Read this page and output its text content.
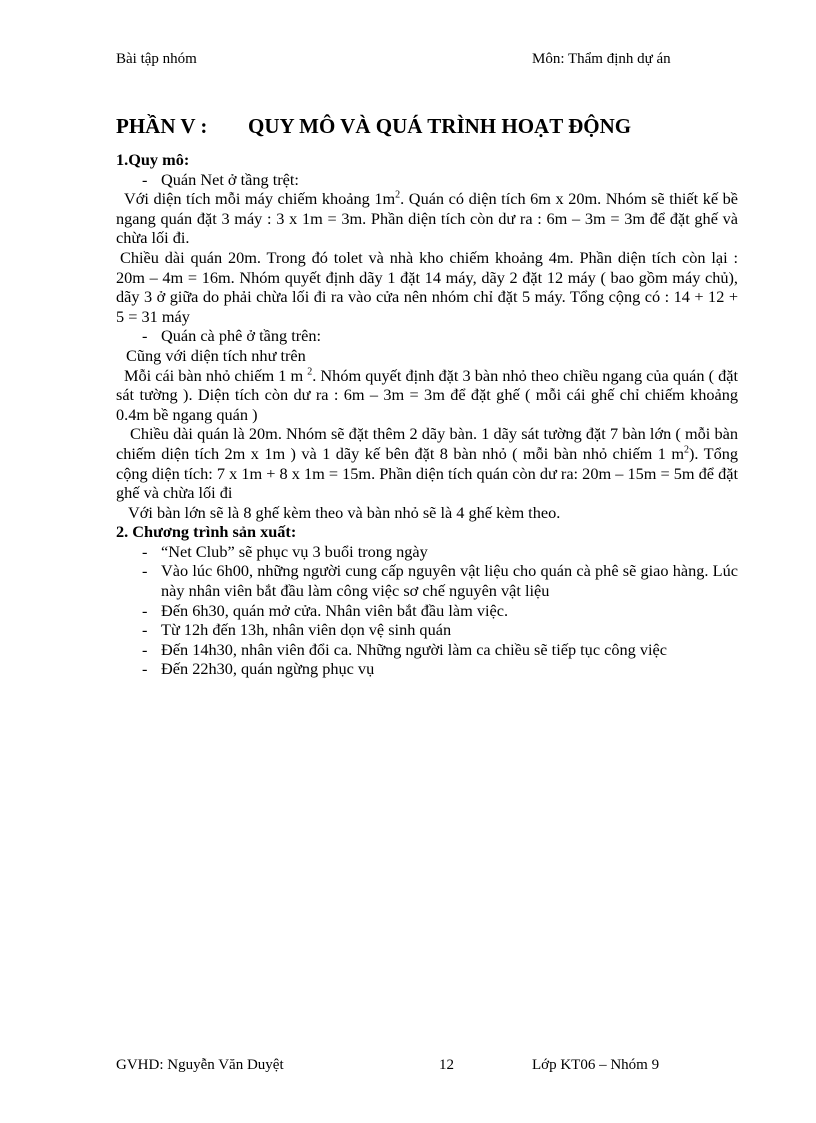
Bài tập nhóm	Môn: Thẩm định dự án
PHẦN V : QUY MÔ VÀ QUÁ TRÌNH HOẠT ĐỘNG
1.Quy mô:
- Quán Net ở tầng trệt:
Với diện tích mỗi máy chiếm khoảng $1m^2$. Quán có diện tích 6m x 20m. Nhóm sẽ thiết kế bề ngang quán đặt 3 máy : 3 x 1m = 3m. Phần diện tích còn dư ra : 6m – 3m = 3m để đặt ghế và chừa lối đi.
Chiều dài quán 20m. Trong đó tolet và nhà kho chiếm khoảng 4m. Phần diện tích còn lại : 20m – 4m = 16m. Nhóm quyết định dãy 1 đặt 14 máy, dãy 2 đặt 12 máy ( bao gồm máy chủ), dãy 3 ở giữa do phải chừa lối đi ra vào cửa nên nhóm chỉ đặt 5 máy. Tổng cộng có : 14 + 12 + 5 = 31 máy
- Quán cà phê ở tầng trên:
Cũng với diện tích như trên
Mỗi cái bàn nhỏ chiếm 1 m $^2$. Nhóm quyết định đặt 3 bàn nhỏ theo chiều ngang của quán ( đặt sát tường ). Diện tích còn dư ra : 6m – 3m = 3m để đặt ghế ( mỗi cái ghế chỉ chiếm khoảng 0.4m bề ngang quán )
Chiều dài quán là 20m. Nhóm sẽ đặt thêm 2 dãy bàn. 1 dãy sát tường đặt 7 bàn lớn ( mỗi bàn chiếm diện tích 2m x 1m ) và 1 dãy kế bên đặt 8 bàn nhỏ ( mỗi bàn nhỏ chiếm 1 $m^2$). Tổng cộng diện tích: 7 x 1m + 8 x 1m = 15m. Phần diện tích quán còn dư ra: 20m – 15m = 5m để đặt ghế và chừa lối đi
Với bàn lớn sẽ là 8 ghế kèm theo và bàn nhỏ sẽ là 4 ghế kèm theo.
2. Chương trình sản xuất:
- “Net Club” sẽ phục vụ 3 buổi trong ngày
- Vào lúc 6h00, những người cung cấp nguyên vật liệu cho quán cà phê sẽ giao hàng. Lúc này nhân viên bắt đầu làm công việc sơ chế nguyên vật liệu
- Đến 6h30, quán mở cửa. Nhân viên bắt đầu làm việc.
- Từ 12h đến 13h, nhân viên dọn vệ sinh quán
- Đến 14h30, nhân viên đổi ca. Những người làm ca chiều sẽ tiếp tục công việc
- Đến 22h30, quán ngừng phục vụ
GVHD: Nguyễn Văn Duyệt	12	Lớp KT06 – Nhóm 9
